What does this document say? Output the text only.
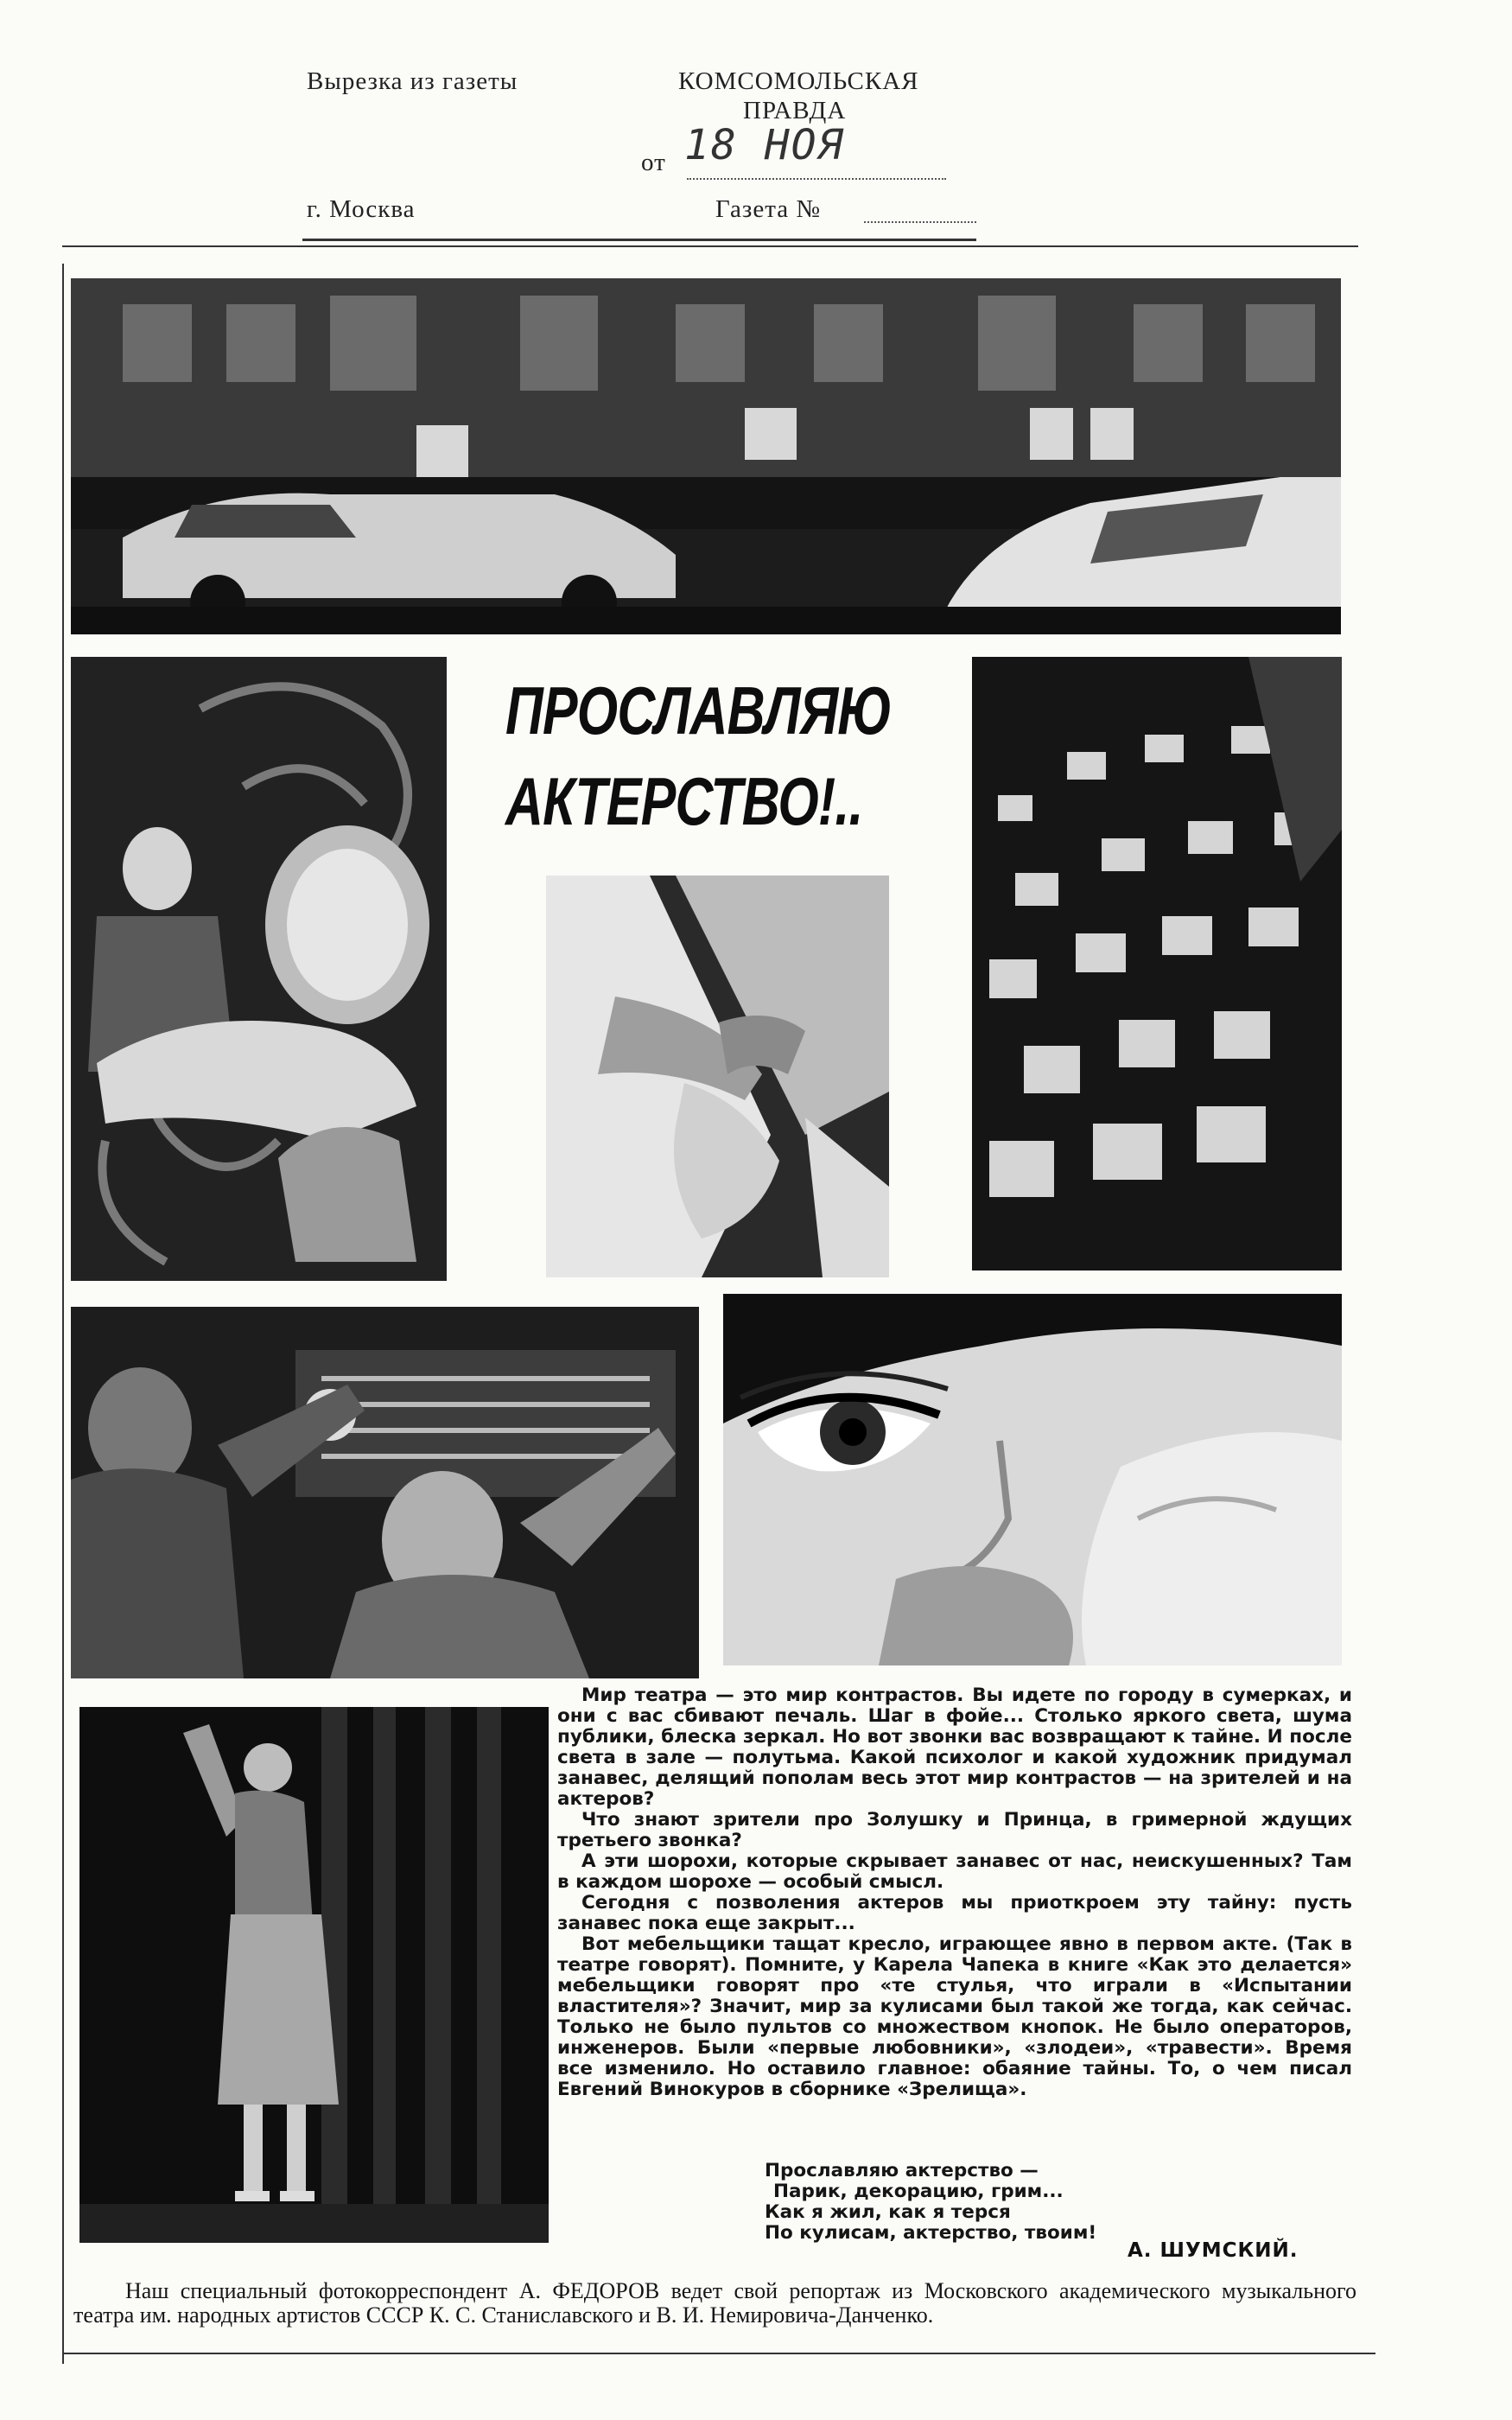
Вырезка из газеты	КОМСОМОЛЬСКАЯ
ПРАВДА
от 18 НОЯ
г. Москва	Газета №
ПРОСЛАВЛЯЮ
АКТЕРСТВО!..

Мир театра — это мир контрастов. Вы идете по городу в сумерках, и они с вас сбивают печаль. Шаг в фойе... Столько яркого света, шума публики, блеска зеркал. Но вот звонки вас возвращают к тайне. И после света в зале — полутьма. Какой психолог и какой художник придумал занавес, делящий пополам весь этот мир контрастов — на зрителей и на актеров?

Что знают зрители про Золушку и Принца, в гримерной ждущих третьего звонка?

А эти шорохи, которые скрывает занавес от нас, неискушенных? Там в каждом шорохе — особый смысл.

Сегодня с позволения актеров мы приоткроем эту тайну: пусть занавес пока еще закрыт...

Вот мебельщики тащат кресло, играющее явно в первом акте. (Так в театре говорят). Помните, у Карела Чапека в книге «Как это делается» мебельщики говорят про «те стулья, что играли в «Испытании властителя»? Значит, мир за кулисами был такой же тогда, как сейчас. Только не было пультов со множеством кнопок. Не было операторов, инженеров. Были «первые любовники», «злодеи», «травести». Время все изменило. Но оставило главное: обаяние тайны. То, о чем писал Евгений Винокуров в сборнике «Зрелища».

Прославляю актерство —
Парик, декорацию, грим...
Как я жил, как я терся
По кулисам, актерство, твоим!
А. ШУМСКИЙ.
Наш специальный фотокорреспондент А. ФЕДОРОВ ведет свой репортаж из Московского академического музыкального театра им. народных артистов СССР К. С. Станиславского и В. И. Немировича-Данченко.
